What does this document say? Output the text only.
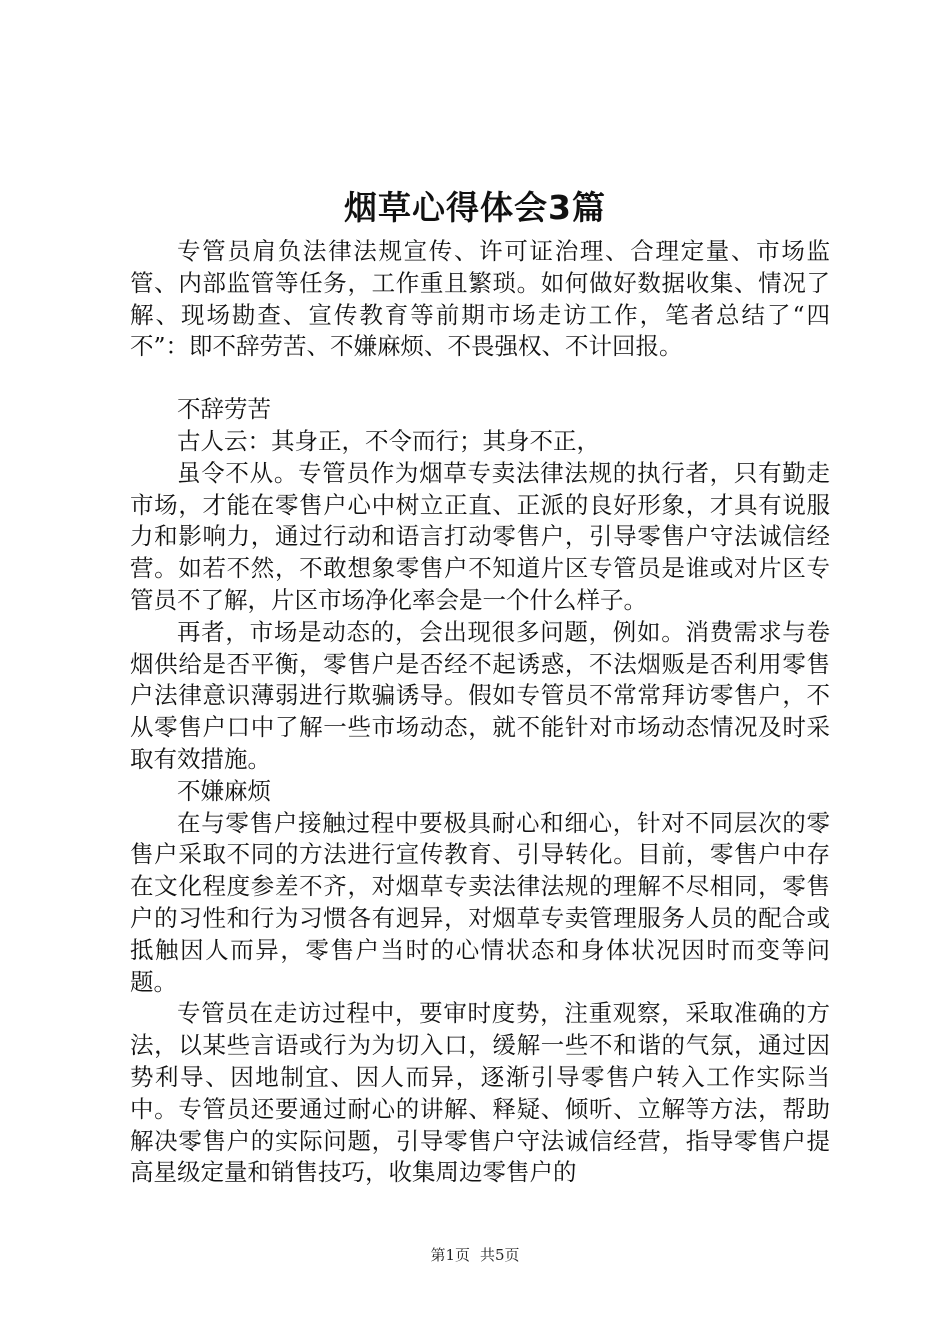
烟草心得体会3篇

专管员肩负法律法规宣传、许可证治理、合理定量、市场监管、内部监管等任务，工作重且繁琐。如何做好数据收集、情况了解、现场勘查、宣传教育等前期市场走访工作，笔者总结了“四不”：即不辞劳苦、不嫌麻烦、不畏强权、不计回报。

不辞劳苦

古人云：其身正，不令而行；其身不正，

虽令不从。专管员作为烟草专卖法律法规的执行者，只有勤走市场，才能在零售户心中树立正直、正派的良好形象，才具有说服力和影响力，通过行动和语言打动零售户，引导零售户守法诚信经营。如若不然，不敢想象零售户不知道片区专管员是谁或对片区专管员不了解，片区市场净化率会是一个什么样子。

再者，市场是动态的，会出现很多问题，例如。消费需求与卷烟供给是否平衡，零售户是否经不起诱惑，不法烟贩是否利用零售户法律意识薄弱进行欺骗诱导。假如专管员不常常拜访零售户，不从零售户口中了解一些市场动态，就不能针对市场动态情况及时采取有效措施。

不嫌麻烦

在与零售户接触过程中要极具耐心和细心，针对不同层次的零售户采取不同的方法进行宣传教育、引导转化。目前，零售户中存在文化程度参差不齐，对烟草专卖法律法规的理解不尽相同，零售户的习性和行为习惯各有迥异，对烟草专卖管理服务人员的配合或抵触因人而异，零售户当时的心情状态和身体状况因时而变等问题。

专管员在走访过程中，要审时度势，注重观察，采取准确的方法，以某些言语或行为为切入口，缓解一些不和谐的气氛，通过因势利导、因地制宜、因人而异，逐渐引导零售户转入工作实际当中。专管员还要通过耐心的讲解、释疑、倾听、立解等方法，帮助解决零售户的实际问题，引导零售户守法诚信经营，指导零售户提高星级定量和销售技巧，收集周边零售户的

第1页 共5页
